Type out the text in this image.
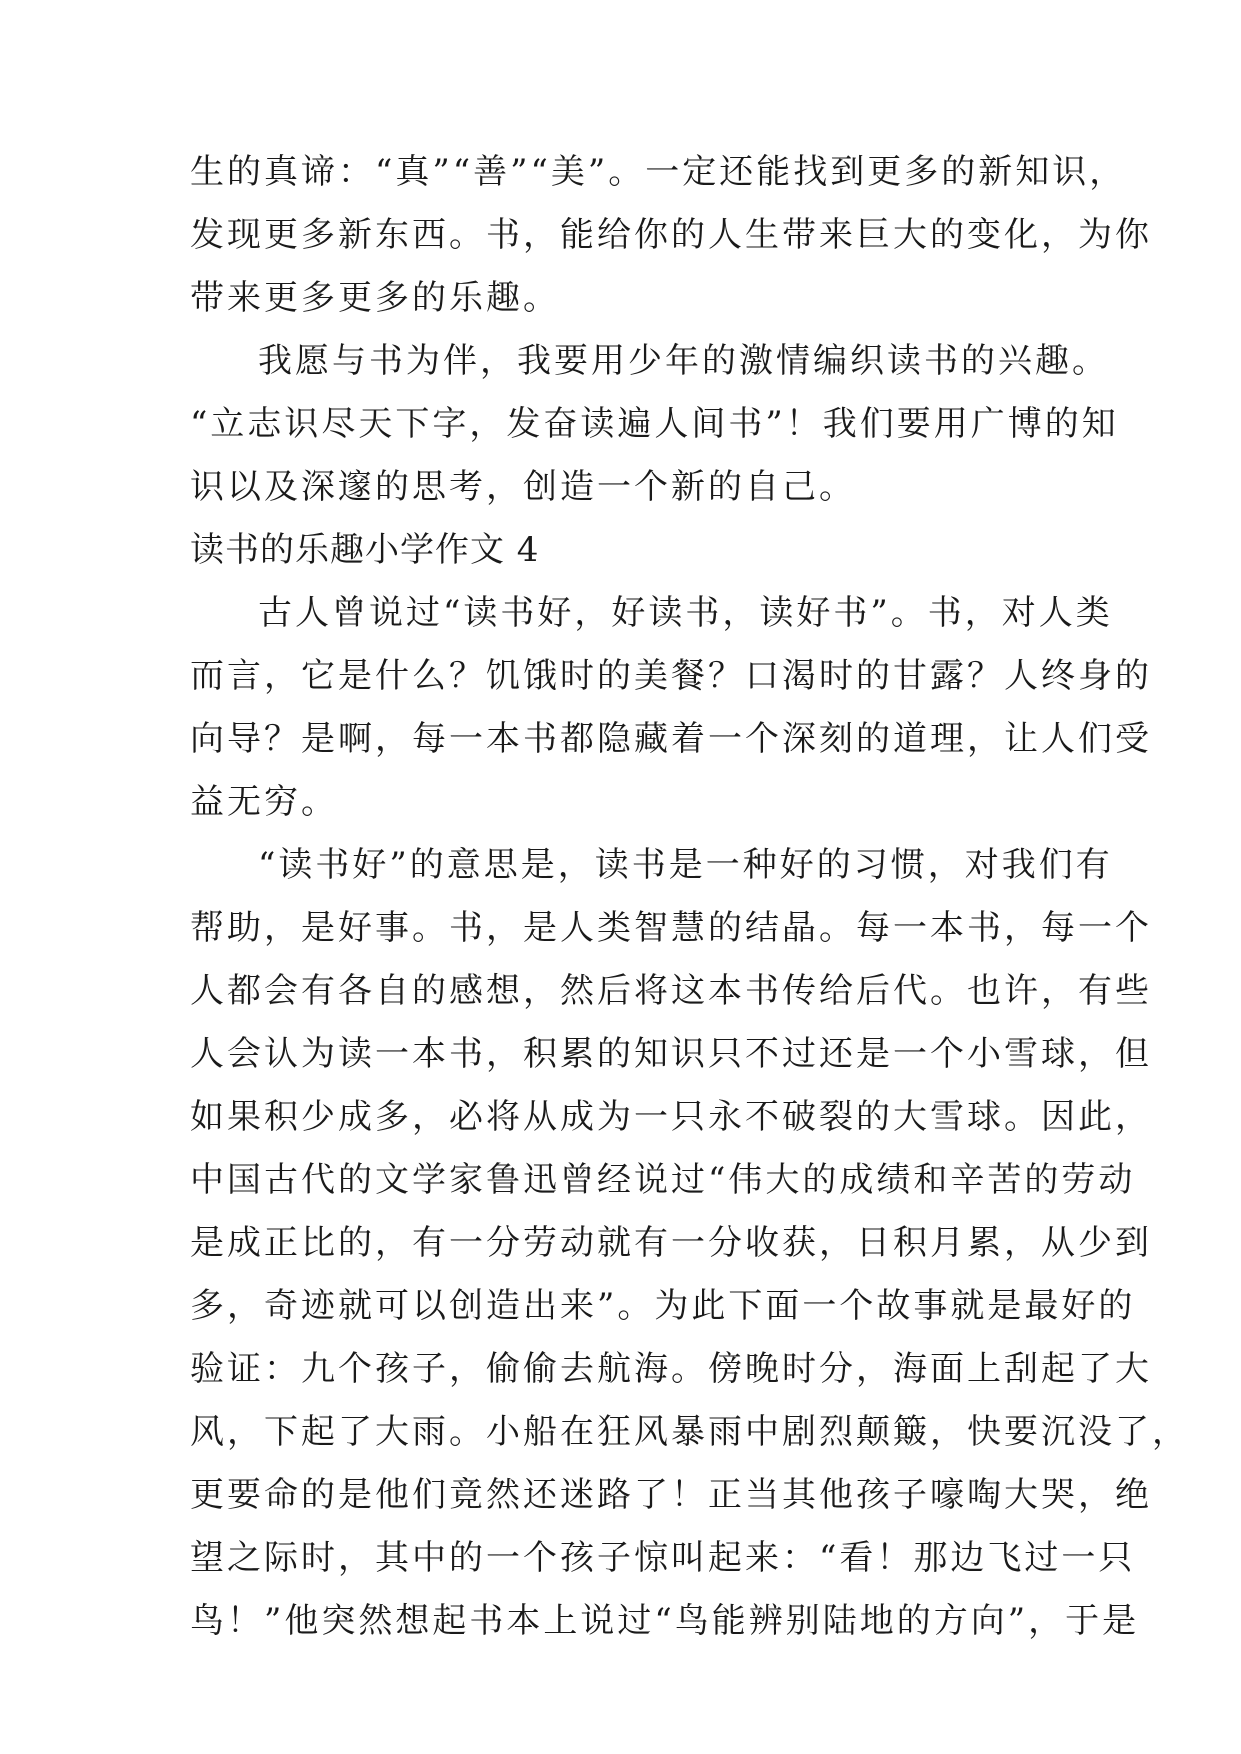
生的真谛：“真”“善”“美”。一定还能找到更多的新知识，
发现更多新东西。书，能给你的人生带来巨大的变化，为你
带来更多更多的乐趣。
我愿与书为伴，我要用少年的激情编织读书的兴趣。
“立志识尽天下字，发奋读遍人间书”！我们要用广博的知
识以及深邃的思考，创造一个新的自己。
读书的乐趣小学作文 4
古人曾说过“读书好，好读书，读好书”。书，对人类
而言，它是什么？饥饿时的美餐？口渴时的甘露？人终身的
向导？是啊，每一本书都隐藏着一个深刻的道理，让人们受
益无穷。
“读书好”的意思是，读书是一种好的习惯，对我们有
帮助，是好事。书，是人类智慧的结晶。每一本书，每一个
人都会有各自的感想，然后将这本书传给后代。也许，有些
人会认为读一本书，积累的知识只不过还是一个小雪球，但
如果积少成多，必将从成为一只永不破裂的大雪球。因此，
中国古代的文学家鲁迅曾经说过“伟大的成绩和辛苦的劳动
是成正比的，有一分劳动就有一分收获，日积月累，从少到
多，奇迹就可以创造出来”。为此下面一个故事就是最好的
验证：九个孩子，偷偷去航海。傍晚时分，海面上刮起了大
风，下起了大雨。小船在狂风暴雨中剧烈颠簸，快要沉没了，
更要命的是他们竟然还迷路了！正当其他孩子嚎啕大哭，绝
望之际时，其中的一个孩子惊叫起来：“看！那边飞过一只
鸟！”他突然想起书本上说过“鸟能辨别陆地的方向”，于是
